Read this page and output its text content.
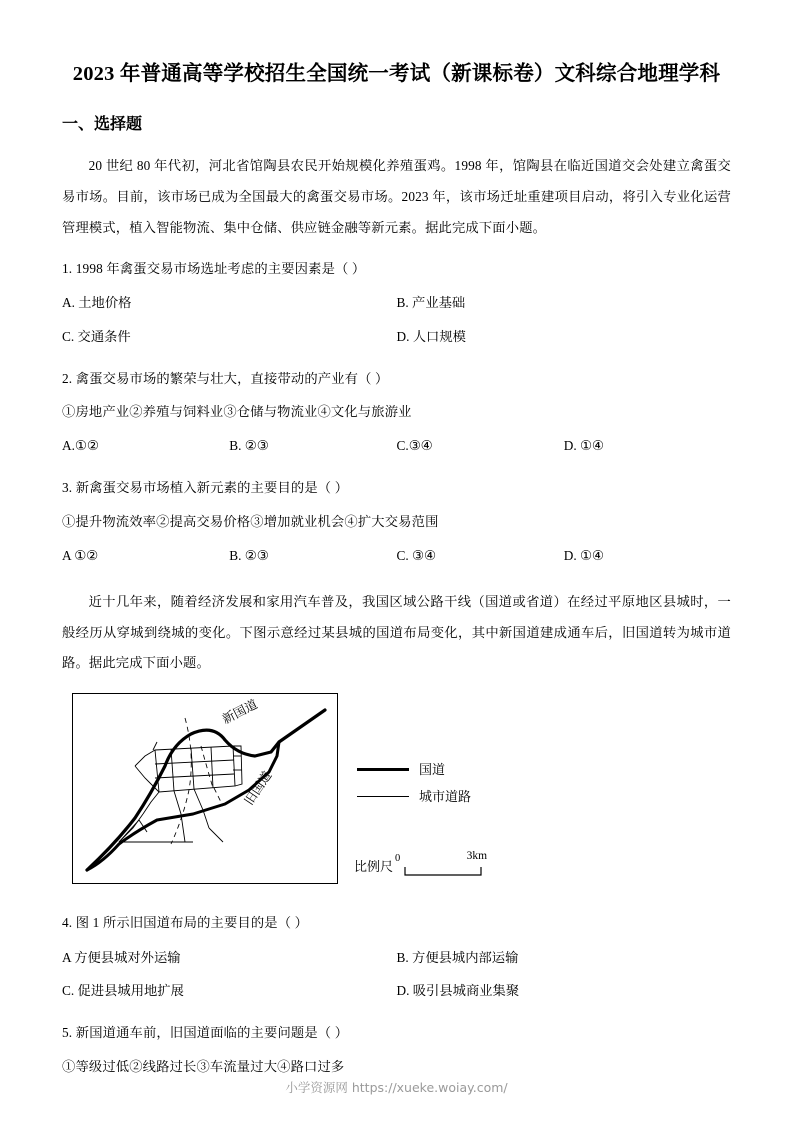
2023 年普通高等学校招生全国统一考试（新课标卷）文科综合地理学科
一、选择题

20 世纪 80 年代初，河北省馆陶县农民开始规模化养殖蛋鸡。1998 年，馆陶县在临近国道交会处建立禽蛋交易市场。目前，该市场已成为全国最大的禽蛋交易市场。2023 年，该市场迁址重建项目启动，将引入专业化运营管理模式，植入智能物流、集中仓储、供应链金融等新元素。据此完成下面小题。

1. 1998 年禽蛋交易市场选址考虑的主要因素是（ ）

A. 土地价格	B. 产业基础
C. 交通条件	D. 人口规模

2. 禽蛋交易市场的繁荣与壮大，直接带动的产业有（ ）

①房地产业②养殖与饲料业③仓储与物流业④文化与旅游业

A.①②	B. ②③	C.③④	D. ①④

3. 新禽蛋交易市场植入新元素的主要目的是（ ）

①提升物流效率②提高交易价格③增加就业机会④扩大交易范围

A ①②	B. ②③	C. ③④	D. ①④

近十几年来，随着经济发展和家用汽车普及，我国区域公路干线（国道或省道）在经过平原地区县城时，一般经历从穿城到绕城的变化。下图示意经过某县城的国道布局变化，其中新国道建成通车后，旧国道转为城市道路。据此完成下面小题。

新国道
旧国道	国道
城市道路
比例尺
0	3km

4. 图 1 所示旧国道布局的主要目的是（ ）

A 方便县城对外运输	B. 方便县城内部运输
C. 促进县城用地扩展	D. 吸引县城商业集聚

5. 新国道通车前，旧国道面临的主要问题是（ ）

①等级过低②线路过长③车流量过大④路口过多

小学资源网 https://xueke.woiay.com/
